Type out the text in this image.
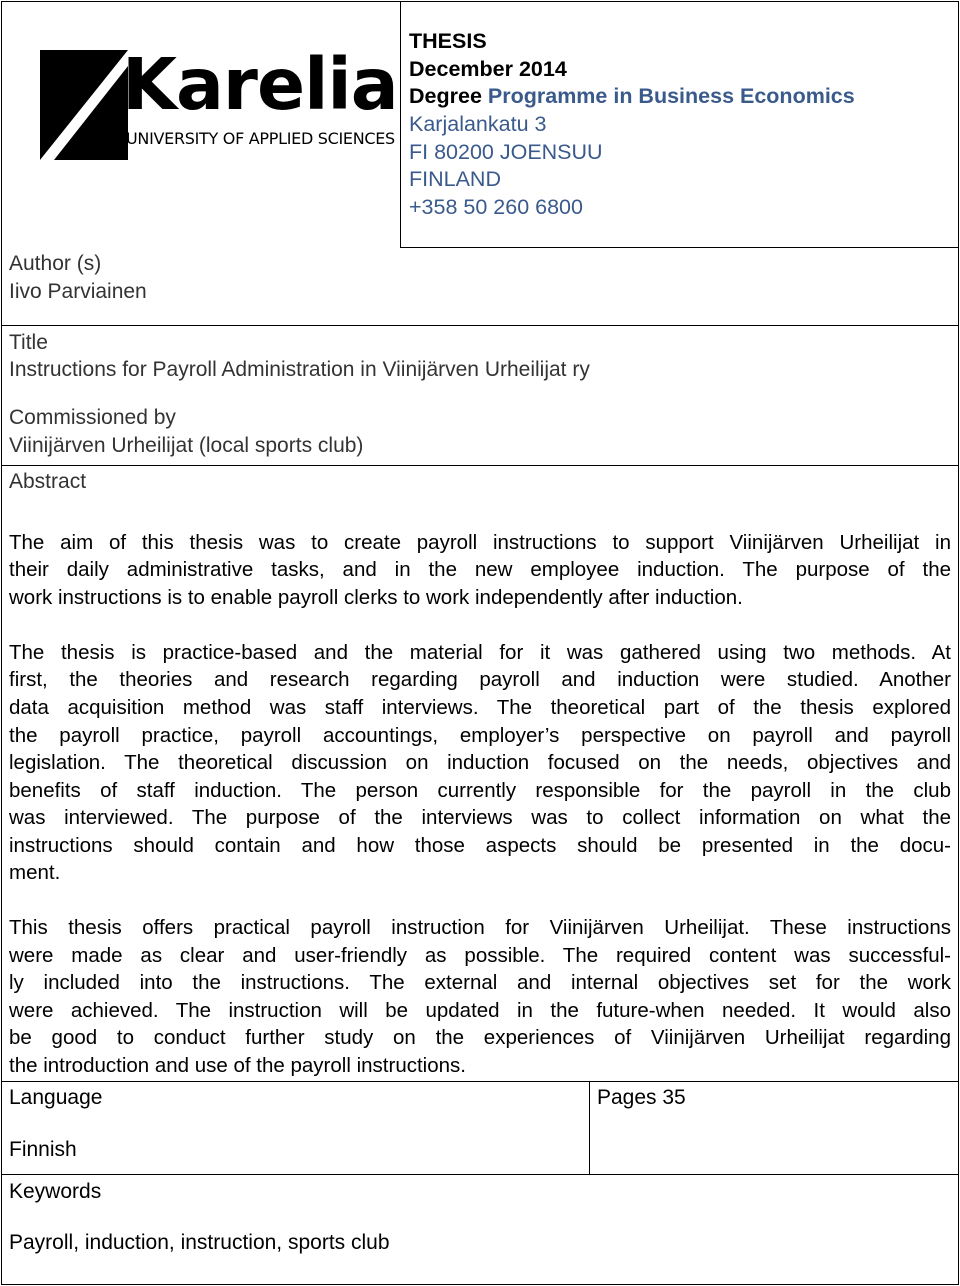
Karelia
UNIVERSITY OF APPLIED SCIENCES
THESIS
December 2014
Degree Programme in Business Economics
Karjalankatu 3
FI 80200 JOENSUU
FINLAND
+358 50 260 6800
Author (s)
Iivo Parviainen
Title
Instructions for Payroll Administration in Viinijärven Urheilijat ry
Commissioned by
Viinijärven Urheilijat (local sports club)
Abstract
The aim of this thesis was to create payroll instructions to support Viinijärven Urheilijat in
their daily administrative tasks, and in the new employee induction. The purpose of the
work instructions is to enable payroll clerks to work independently after induction.
The thesis is practice-based and the material for it was gathered using two methods. At
first, the theories and research regarding payroll and induction were studied. Another
data acquisition method was staff interviews. The theoretical part of the thesis explored
the payroll practice, payroll accountings, employer’s perspective on payroll and payroll
legislation. The theoretical discussion on induction focused on the needs, objectives and
benefits of staff induction. The person currently responsible for the payroll in the club
was interviewed. The purpose of the interviews was to collect information on what the
instructions should contain and how those aspects should be presented in the docu-
ment.
This thesis offers practical payroll instruction for Viinijärven Urheilijat. These instructions
were made as clear and user-friendly as possible. The required content was successful-
ly included into the instructions. The external and internal objectives set for the work
were achieved. The instruction will be updated in the future-when needed. It would also
be good to conduct further study on the experiences of Viinijärven Urheilijat regarding
the introduction and use of the payroll instructions.
Language
Finnish
Pages 35
Keywords
Payroll, induction, instruction, sports club
